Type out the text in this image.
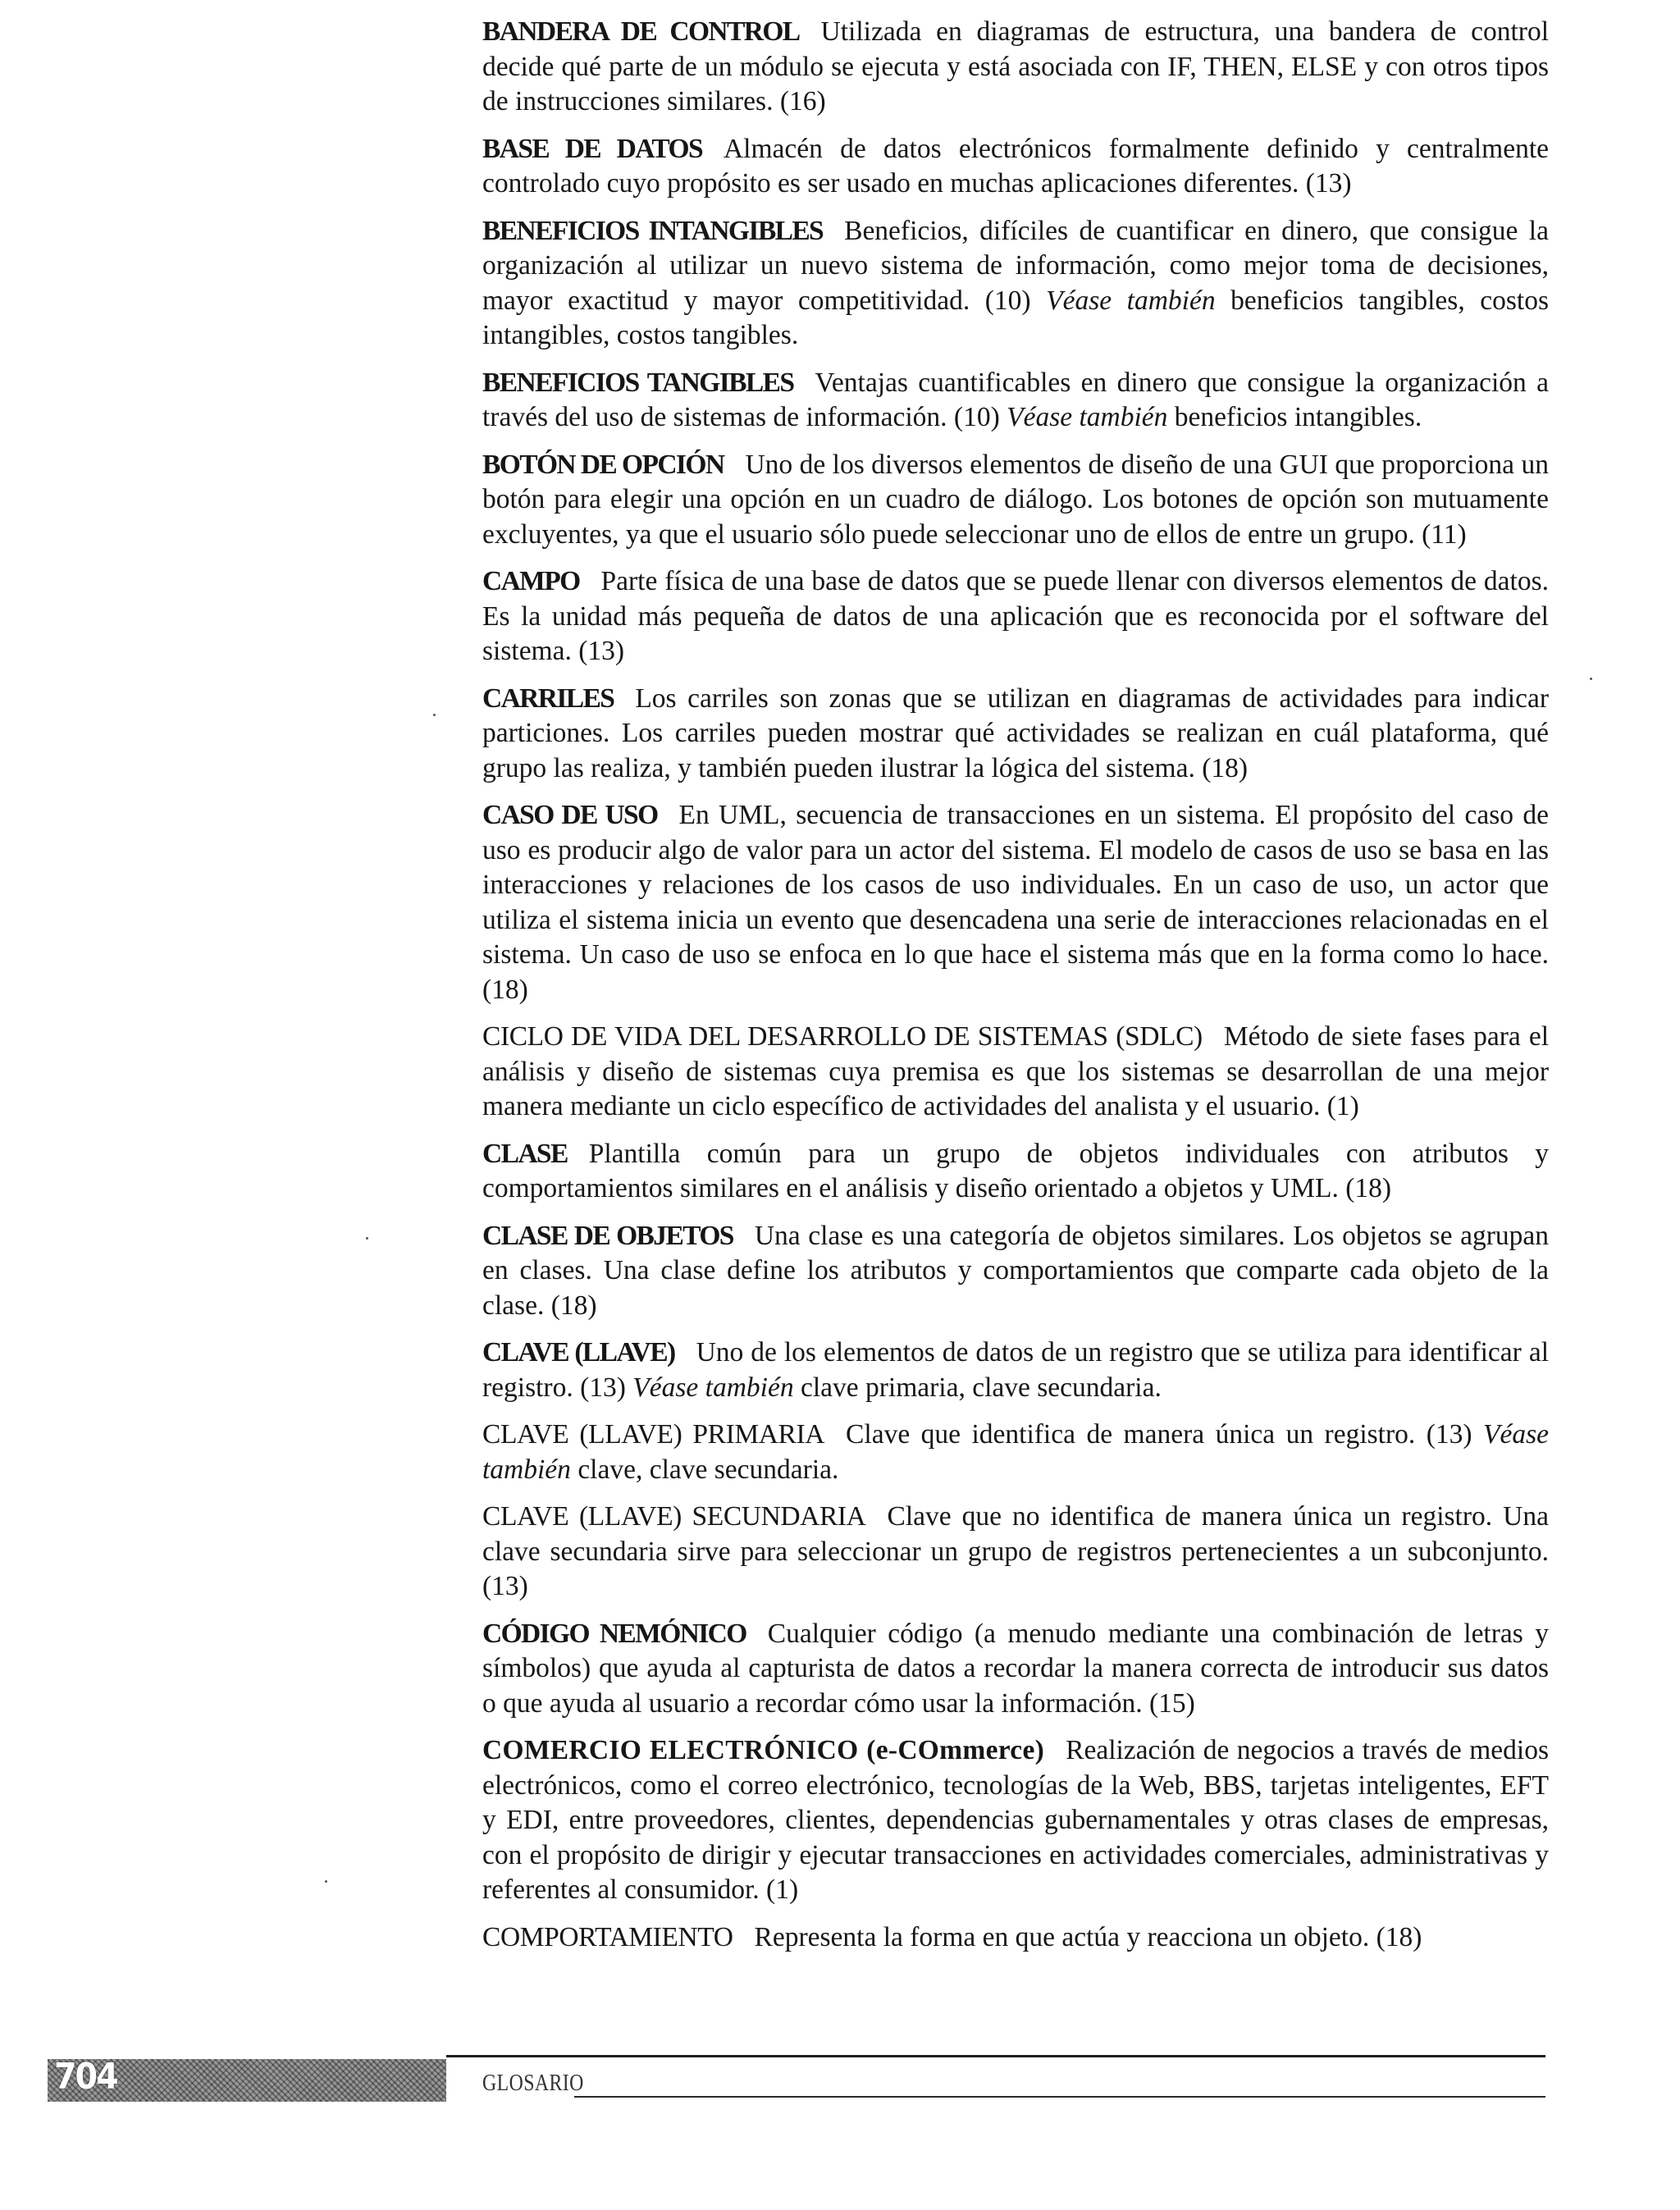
BANDERA DE CONTROL Utilizada en diagramas de estructura, una bandera de control decide qué parte de un módulo se ejecuta y está asociada con IF, THEN, ELSE y con otros tipos de instrucciones similares. (16)

BASE DE DATOS Almacén de datos electrónicos formalmente definido y centralmente controlado cuyo propósito es ser usado en muchas aplicaciones diferentes. (13)

BENEFICIOS INTANGIBLES Beneficios, difíciles de cuantificar en dinero, que consigue la organización al utilizar un nuevo sistema de información, como mejor toma de decisiones, mayor exactitud y mayor competitividad. (10) Véase también beneficios tangibles, costos intangibles, costos tangibles.

BENEFICIOS TANGIBLES Ventajas cuantificables en dinero que consigue la organización a través del uso de sistemas de información. (10) Véase también beneficios intangibles.

BOTÓN DE OPCIÓN Uno de los diversos elementos de diseño de una GUI que proporciona un botón para elegir una opción en un cuadro de diálogo. Los botones de opción son mutuamente excluyentes, ya que el usuario sólo puede seleccionar uno de ellos de entre un grupo. (11)

CAMPO Parte física de una base de datos que se puede llenar con diversos elementos de datos. Es la unidad más pequeña de datos de una aplicación que es reconocida por el software del sistema. (13)

CARRILES Los carriles son zonas que se utilizan en diagramas de actividades para indicar particiones. Los carriles pueden mostrar qué actividades se realizan en cuál plataforma, qué grupo las realiza, y también pueden ilustrar la lógica del sistema. (18)

CASO DE USO En UML, secuencia de transacciones en un sistema. El propósito del caso de uso es producir algo de valor para un actor del sistema. El modelo de casos de uso se basa en las interacciones y relaciones de los casos de uso individuales. En un caso de uso, un actor que utiliza el sistema inicia un evento que desencadena una serie de interacciones relacionadas en el sistema. Un caso de uso se enfoca en lo que hace el sistema más que en la forma como lo hace. (18)

CICLO DE VIDA DEL DESARROLLO DE SISTEMAS (SDLC) Método de siete fases para el análisis y diseño de sistemas cuya premisa es que los sistemas se desarrollan de una mejor manera mediante un ciclo específico de actividades del analista y el usuario. (1)

CLASE Plantilla común para un grupo de objetos individuales con atributos y comportamientos similares en el análisis y diseño orientado a objetos y UML. (18)

CLASE DE OBJETOS Una clase es una categoría de objetos similares. Los objetos se agrupan en clases. Una clase define los atributos y comportamientos que comparte cada objeto de la clase. (18)

CLAVE (LLAVE) Uno de los elementos de datos de un registro que se utiliza para identificar al registro. (13) Véase también clave primaria, clave secundaria.

CLAVE (LLAVE) PRIMARIA Clave que identifica de manera única un registro. (13) Véase también clave, clave secundaria.

CLAVE (LLAVE) SECUNDARIA Clave que no identifica de manera única un registro. Una clave secundaria sirve para seleccionar un grupo de registros pertenecientes a un subconjunto. (13)

CÓDIGO NEMÓNICO Cualquier código (a menudo mediante una combinación de letras y símbolos) que ayuda al capturista de datos a recordar la manera correcta de introducir sus datos o que ayuda al usuario a recordar cómo usar la información. (15)

COMERCIO ELECTRÓNICO (e-COmmerce) Realización de negocios a través de medios electrónicos, como el correo electrónico, tecnologías de la Web, BBS, tarjetas inteligentes, EFT y EDI, entre proveedores, clientes, dependencias gubernamentales y otras clases de empresas, con el propósito de dirigir y ejecutar transacciones en actividades comerciales, administrativas y referentes al consumidor. (1)

COMPORTAMIENTO Representa la forma en que actúa y reacciona un objeto. (18)

704	GLOSARIO
